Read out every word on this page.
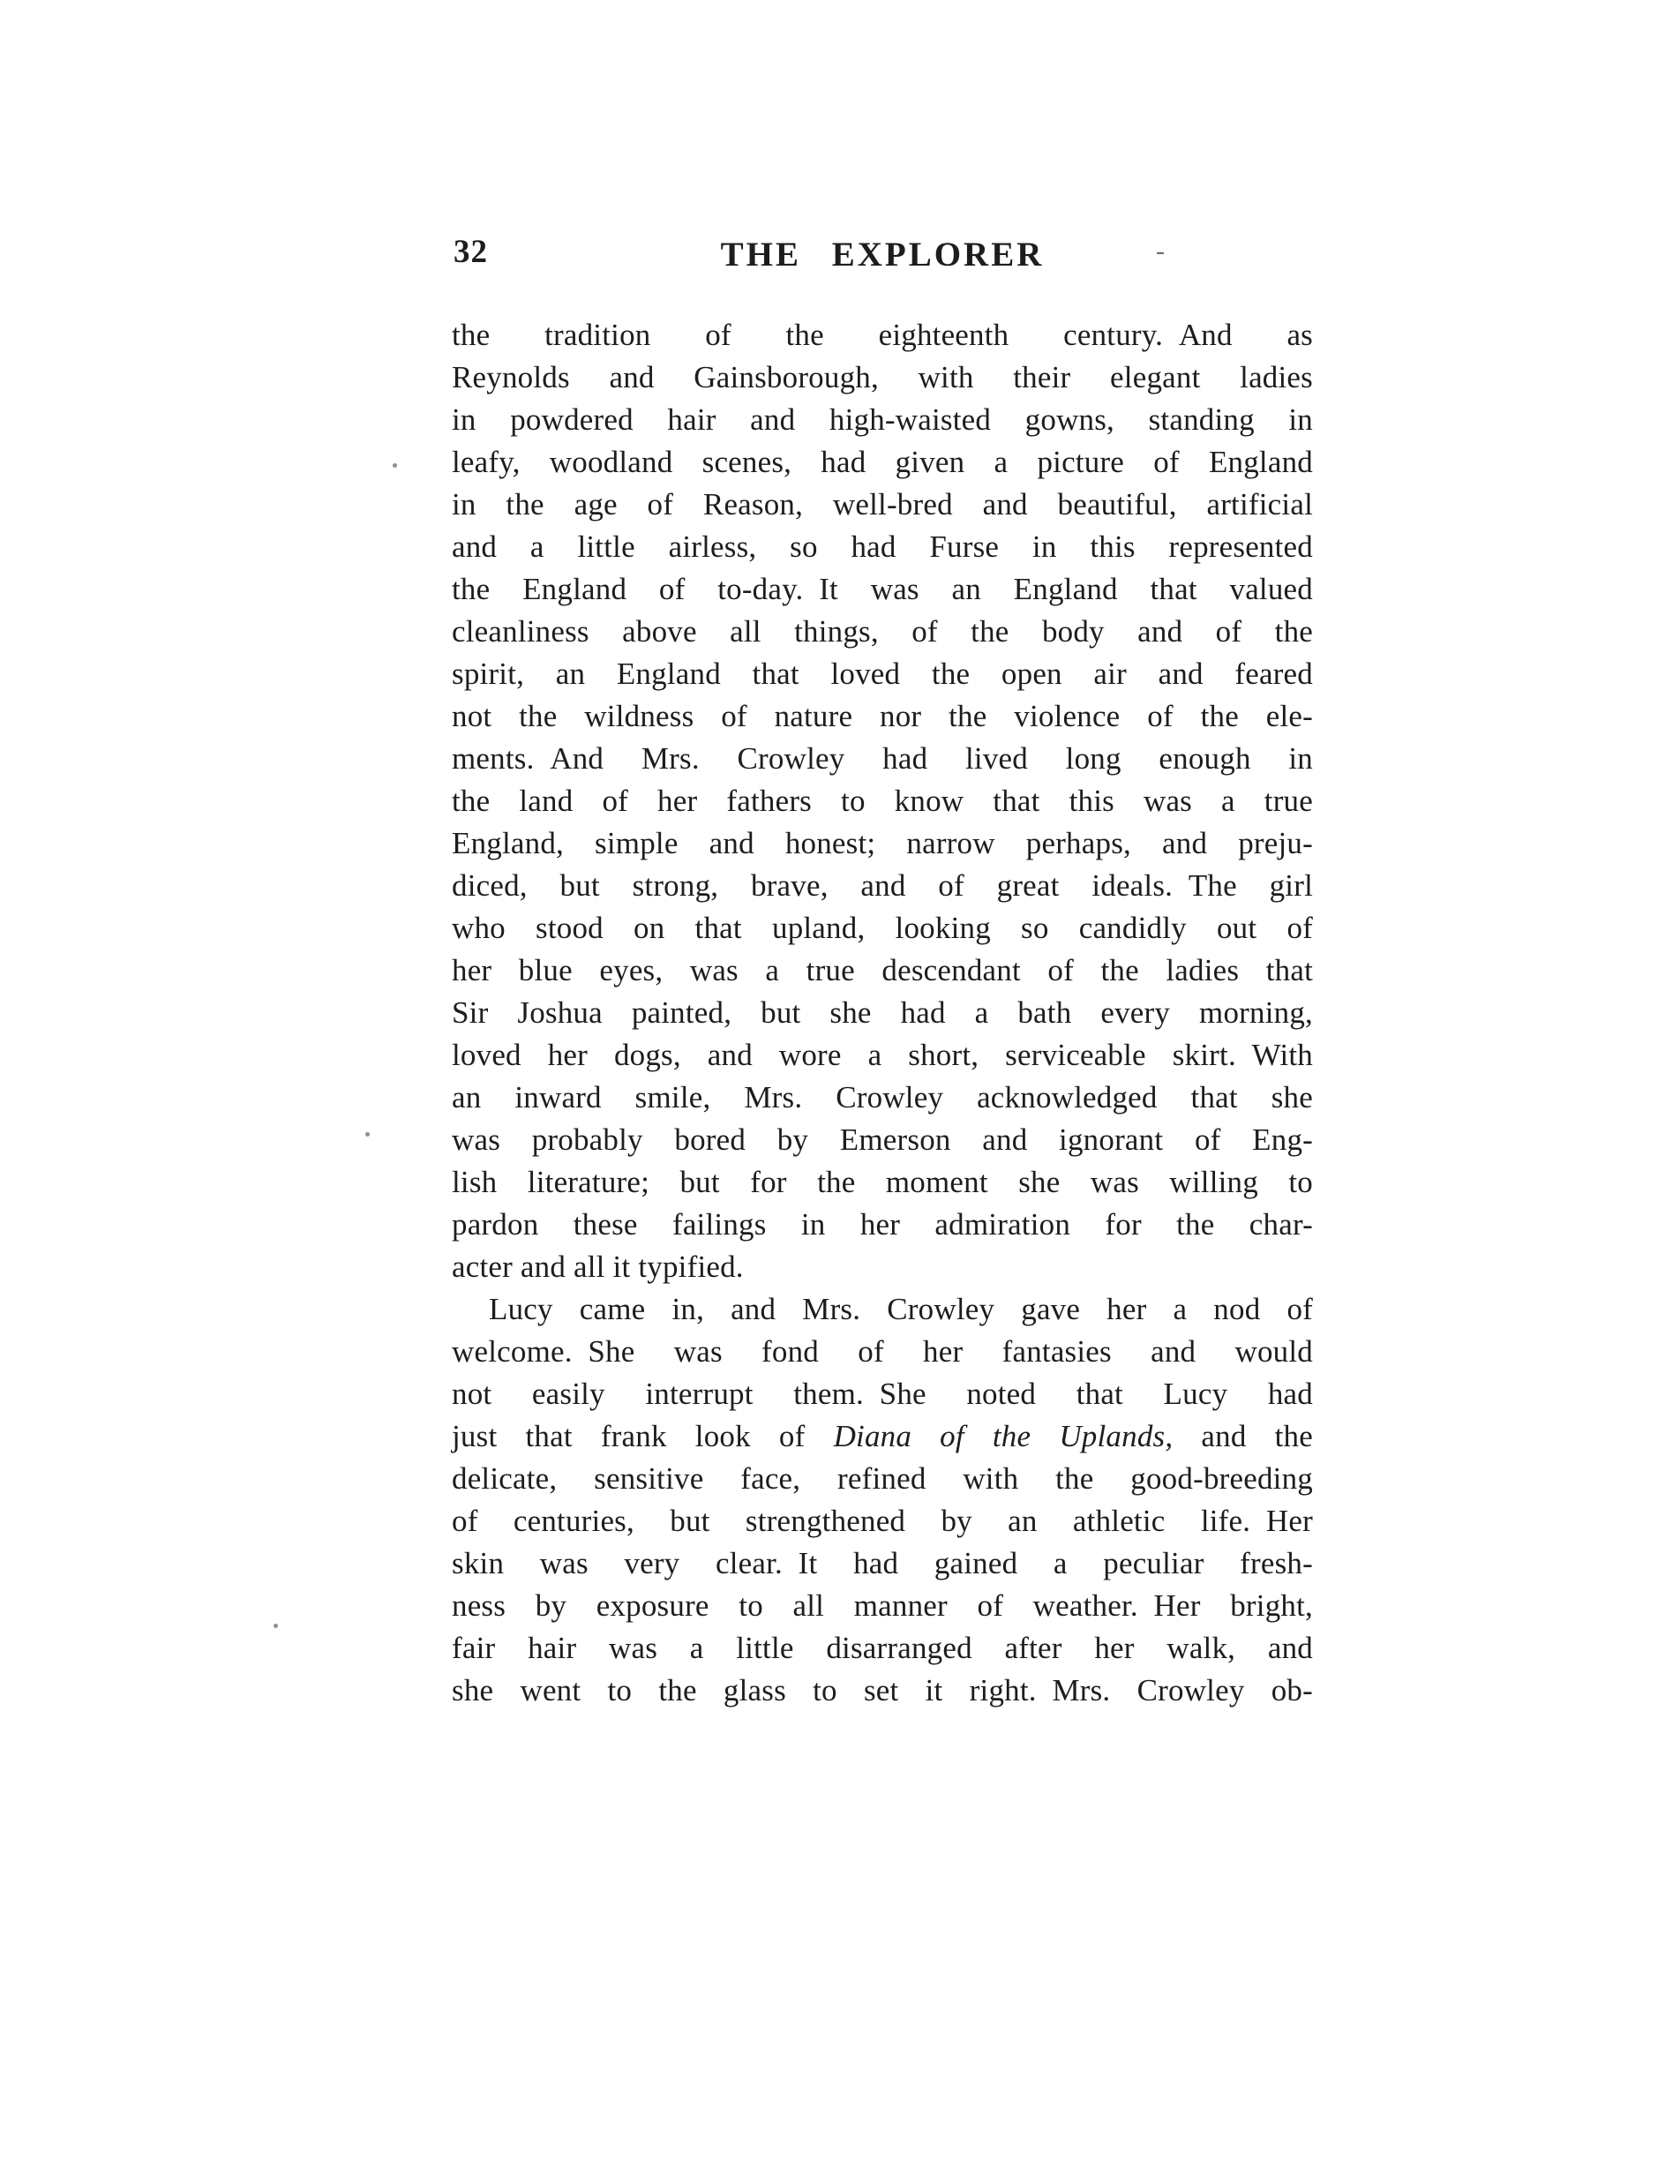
32	THE EXPLORER	-
the tradition of the eighteenth century. And as
Reynolds and Gainsborough, with their elegant ladies
in powdered hair and high-waisted gowns, standing in
leafy, woodland scenes, had given a picture of England
in the age of Reason, well-bred and beautiful, artificial
and a little airless, so had Furse in this represented
the England of to-day. It was an England that valued
cleanliness above all things, of the body and of the
spirit, an England that loved the open air and feared
not the wildness of nature nor the violence of the ele-
ments. And Mrs. Crowley had lived long enough in
the land of her fathers to know that this was a true
England, simple and honest; narrow perhaps, and preju-
diced, but strong, brave, and of great ideals. The girl
who stood on that upland, looking so candidly out of
her blue eyes, was a true descendant of the ladies that
Sir Joshua painted, but she had a bath every morning,
loved her dogs, and wore a short, serviceable skirt. With
an inward smile, Mrs. Crowley acknowledged that she
was probably bored by Emerson and ignorant of Eng-
lish literature; but for the moment she was willing to
pardon these failings in her admiration for the char-
acter and all it typified.
Lucy came in, and Mrs. Crowley gave her a nod of
welcome. She was fond of her fantasies and would
not easily interrupt them. She noted that Lucy had
just that frank look of Diana of the Uplands, and the
delicate, sensitive face, refined with the good-breeding
of centuries, but strengthened by an athletic life. Her
skin was very clear. It had gained a peculiar fresh-
ness by exposure to all manner of weather. Her bright,
fair hair was a little disarranged after her walk, and
she went to the glass to set it right. Mrs. Crowley ob-
